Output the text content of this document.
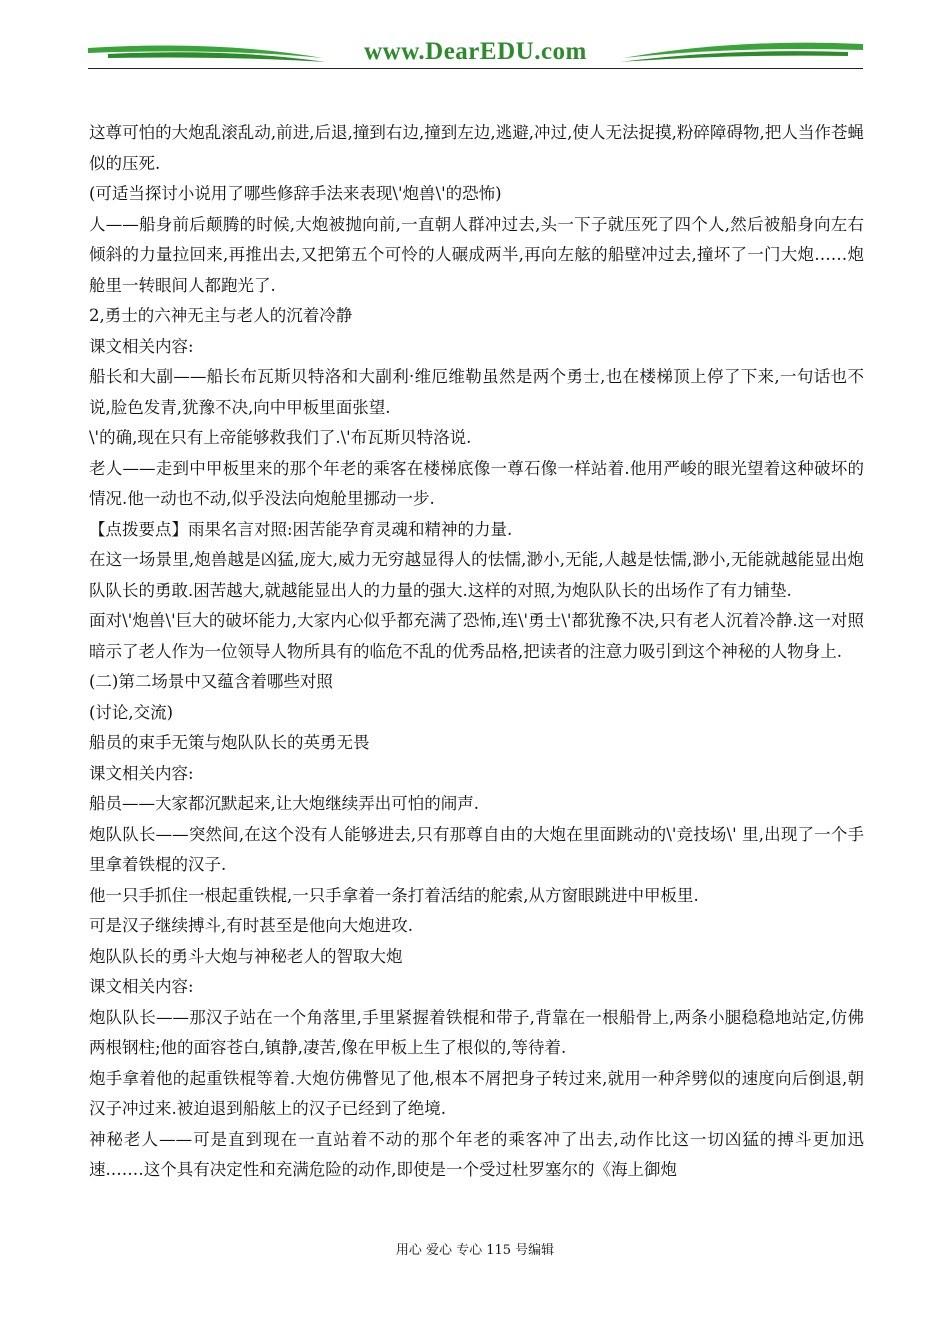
www.DearEDU.com

这尊可怕的大炮乱滚乱动,前进,后退,撞到右边,撞到左边,逃避,冲过,使人无法捉摸,粉碎障碍物,把人当作苍蝇似的压死.

(可适当探讨小说用了哪些修辞手法来表现\'炮兽\'的恐怖)

人——船身前后颠腾的时候,大炮被抛向前,一直朝人群冲过去,头一下子就压死了四个人,然后被船身向左右倾斜的力量拉回来,再推出去,又把第五个可怜的人碾成两半,再向左舷的船壁冲过去,撞坏了一门大炮……炮舱里一转眼间人都跑光了.

2,勇士的六神无主与老人的沉着冷静

课文相关内容:

船长和大副——船长布瓦斯贝特洛和大副利·维厄维勒虽然是两个勇士,也在楼梯顶上停了下来,一句话也不说,脸色发青,犹豫不决,向中甲板里面张望.

\'的确,现在只有上帝能够救我们了.\'布瓦斯贝特洛说.

老人——走到中甲板里来的那个年老的乘客在楼梯底像一尊石像一样站着.他用严峻的眼光望着这种破坏的情况.他一动也不动,似乎没法向炮舱里挪动一步.

【点拨要点】雨果名言对照:困苦能孕育灵魂和精神的力量.

在这一场景里,炮兽越是凶猛,庞大,威力无穷越显得人的怯懦,渺小,无能,人越是怯懦,渺小,无能就越能显出炮队队长的勇敢.困苦越大,就越能显出人的力量的强大.这样的对照,为炮队队长的出场作了有力铺垫.

面对\'炮兽\'巨大的破坏能力,大家内心似乎都充满了恐怖,连\'勇士\'都犹豫不决,只有老人沉着冷静.这一对照暗示了老人作为一位领导人物所具有的临危不乱的优秀品格,把读者的注意力吸引到这个神秘的人物身上.

(二)第二场景中又蕴含着哪些对照

(讨论,交流)

船员的束手无策与炮队队长的英勇无畏

课文相关内容:

船员——大家都沉默起来,让大炮继续弄出可怕的闹声.

炮队队长——突然间,在这个没有人能够进去,只有那尊自由的大炮在里面跳动的\'竞技场\' 里,出现了一个手里拿着铁棍的汉子.

他一只手抓住一根起重铁棍,一只手拿着一条打着活结的舵索,从方窗眼跳进中甲板里.

可是汉子继续搏斗,有时甚至是他向大炮进攻.

炮队队长的勇斗大炮与神秘老人的智取大炮

课文相关内容:

炮队队长——那汉子站在一个角落里,手里紧握着铁棍和带子,背靠在一根船骨上,两条小腿稳稳地站定,仿佛两根钢柱;他的面容苍白,镇静,凄苦,像在甲板上生了根似的,等待着.

炮手拿着他的起重铁棍等着.大炮仿佛瞥见了他,根本不屑把身子转过来,就用一种斧劈似的速度向后倒退,朝汉子冲过来.被迫退到船舷上的汉子已经到了绝境.

神秘老人——可是直到现在一直站着不动的那个年老的乘客冲了出去,动作比这一切凶猛的搏斗更加迅速.……这个具有决定性和充满危险的动作,即使是一个受过杜罗塞尔的《海上御炮

用心 爱心 专心 115 号编辑
